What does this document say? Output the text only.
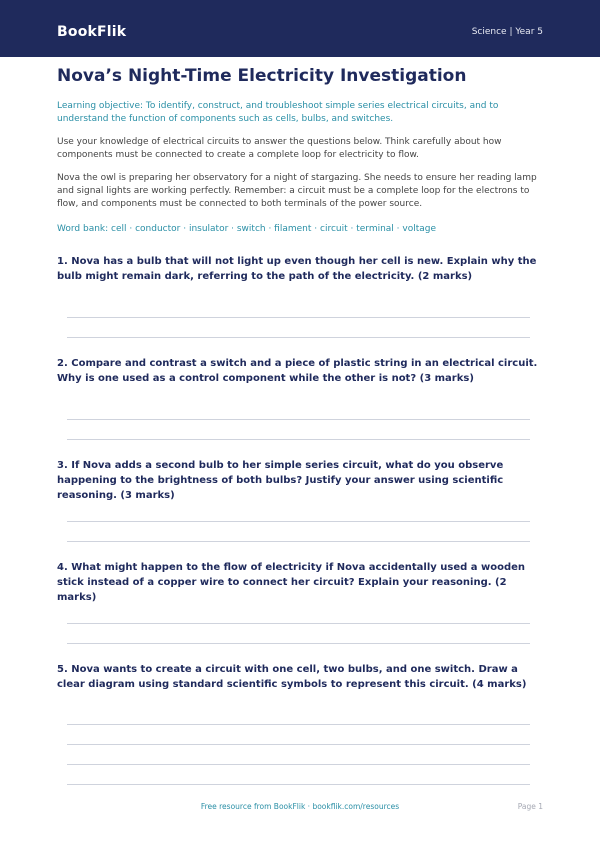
BookFlik	Science | Year 5
Nova’s Night-Time Electricity Investigation
Learning objective: To identify, construct, and troubleshoot simple series electrical circuits, and to understand the function of components such as cells, bulbs, and switches.
Use your knowledge of electrical circuits to answer the questions below. Think carefully about how components must be connected to create a complete loop for electricity to flow.
Nova the owl is preparing her observatory for a night of stargazing. She needs to ensure her reading lamp and signal lights are working perfectly. Remember: a circuit must be a complete loop for the electrons to flow, and components must be connected to both terminals of the power source.
Word bank: cell · conductor · insulator · switch · filament · circuit · terminal · voltage
1. Nova has a bulb that will not light up even though her cell is new. Explain why the bulb might remain dark, referring to the path of the electricity. (2 marks)
2. Compare and contrast a switch and a piece of plastic string in an electrical circuit. Why is one used as a control component while the other is not? (3 marks)
3. If Nova adds a second bulb to her simple series circuit, what do you observe happening to the brightness of both bulbs? Justify your answer using scientific reasoning. (3 marks)
4. What might happen to the flow of electricity if Nova accidentally used a wooden stick instead of a copper wire to connect her circuit? Explain your reasoning. (2 marks)
5. Nova wants to create a circuit with one cell, two bulbs, and one switch. Draw a clear diagram using standard scientific symbols to represent this circuit. (4 marks)
Free resource from BookFlik · bookflik.com/resources	Page 1
